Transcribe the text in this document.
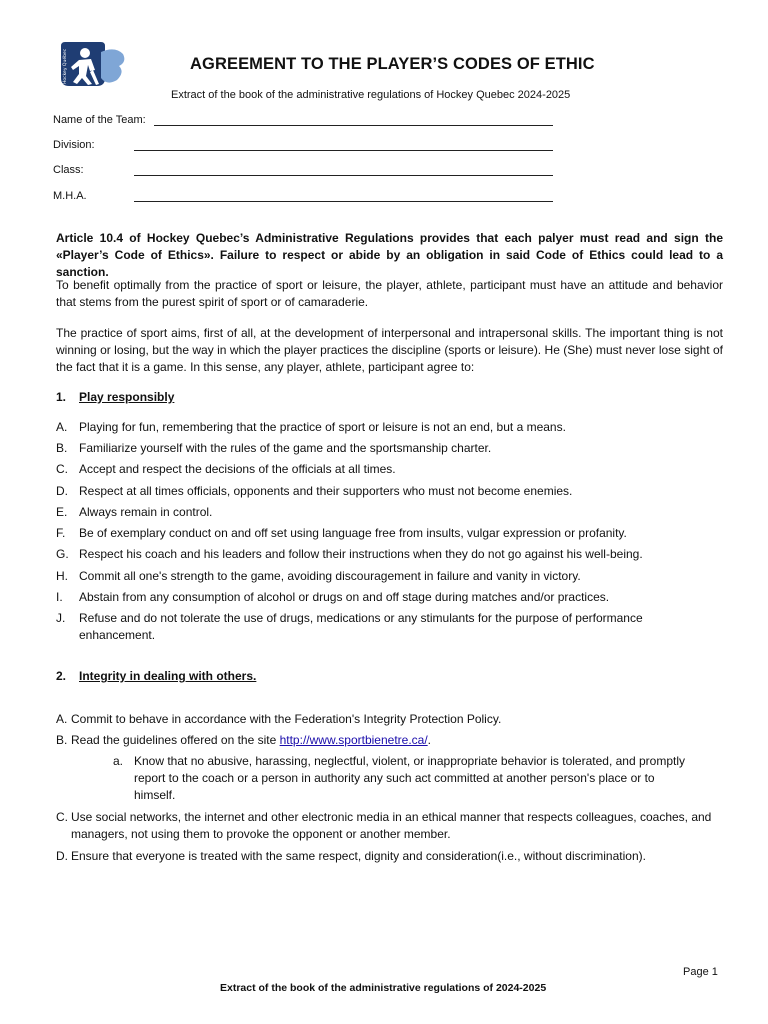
Hockey Québec	AGREEMENT TO THE PLAYER’S CODES OF ETHIC
Extract of the book of the administrative regulations of Hockey Quebec 2024-2025
Name of the Team:
Division:
Class:
M.H.A.
Article 10.4 of Hockey Quebec’s Administrative Regulations provides that each palyer must read and sign the «Player’s Code of Ethics». Failure to respect or abide by an obligation in said Code of Ethics could lead to a sanction.
To benefit optimally from the practice of sport or leisure, the player, athlete, participant must have an attitude and behavior that stems from the purest spirit of sport or of camaraderie.
The practice of sport aims, first of all, at the development of interpersonal and intrapersonal skills. The important thing is not winning or losing, but the way in which the player practices the discipline (sports or leisure). He (She) must never lose sight of the fact that it is a game. In this sense, any player, athlete, participant agree to:
1. Play responsibly
A. Playing for fun, remembering that the practice of sport or leisure is not an end, but a means.
B. Familiarize yourself with the rules of the game and the sportsmanship charter.
C. Accept and respect the decisions of the officials at all times.
D. Respect at all times officials, opponents and their supporters who must not become enemies.
E. Always remain in control.
F.	Be of exemplary conduct on and off set using language free from insults, vulgar expression or profanity.
G. Respect his coach and his leaders and follow their instructions when they do not go against his well-being.
H. Commit all one's strength to the game, avoiding discouragement in failure and vanity in victory.
I.	Abstain from any consumption of alcohol or drugs on and off stage during matches and/or practices.
J.	Refuse and do not tolerate the use of drugs, medications or any stimulants for the purpose of performance enhancement.
2. Integrity in dealing with others.
A. Commit to behave in accordance with the Federation's Integrity Protection Policy.
B. Read the guidelines offered on the site http://www.sportbienetre.ca/.
a. Know that no abusive, harassing, neglectful, violent, or inappropriate behavior is tolerated, and promptly report to the coach or a person in authority any such act committed at another person's place or to himself.
C. Use social networks, the internet and other electronic media in an ethical manner that respects colleagues, coaches, and managers, not using them to provoke the opponent or another member.
D. Ensure that everyone is treated with the same respect, dignity and consideration(i.e., without discrimination).
Page 1
Extract of the book of the administrative regulations of 2024-2025
